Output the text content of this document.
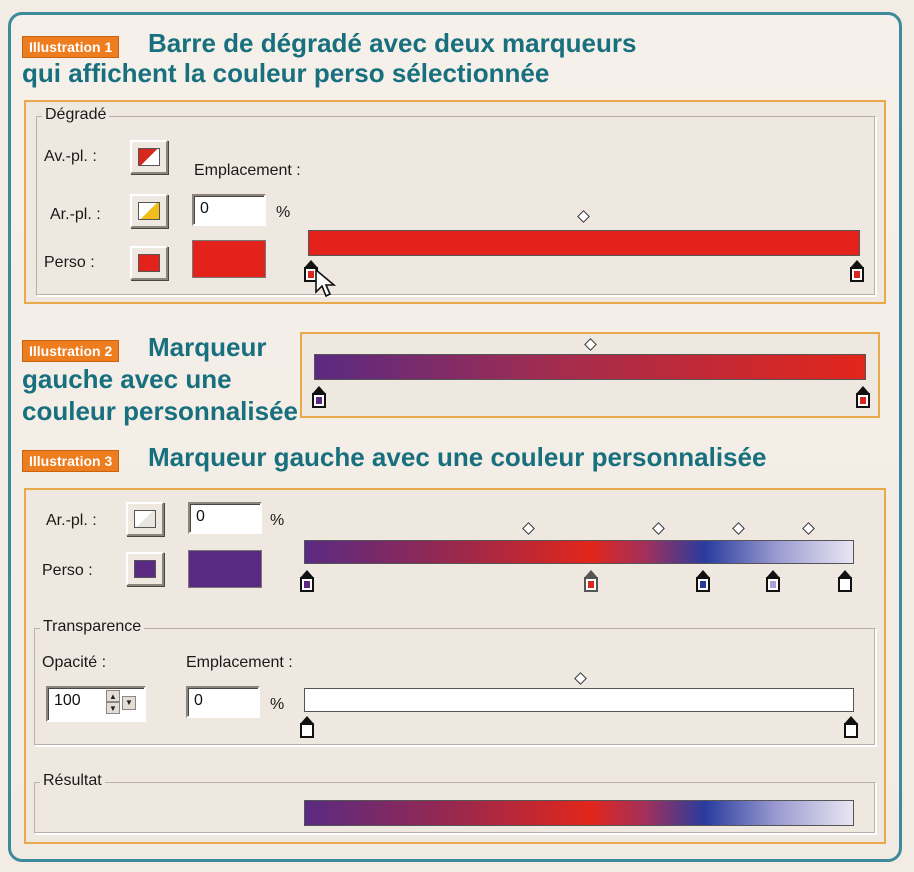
Illustration 1 Barre de dégradé avec deux marqueurs
qui affichent la couleur perso sélectionnée
Dégradé
Av.-pl. :
Ar.-pl. :
Perso :
Emplacement :
0	%
Illustration 2 Marqueur
gauche avec une
couleur personnalisée
Illustration 3 Marqueur gauche avec une couleur personnalisée
Ar.-pl. :	0	%
Perso :
Transparence
Opacité :
100	▲
▼
▼
Emplacement :
0	%
Résultat
